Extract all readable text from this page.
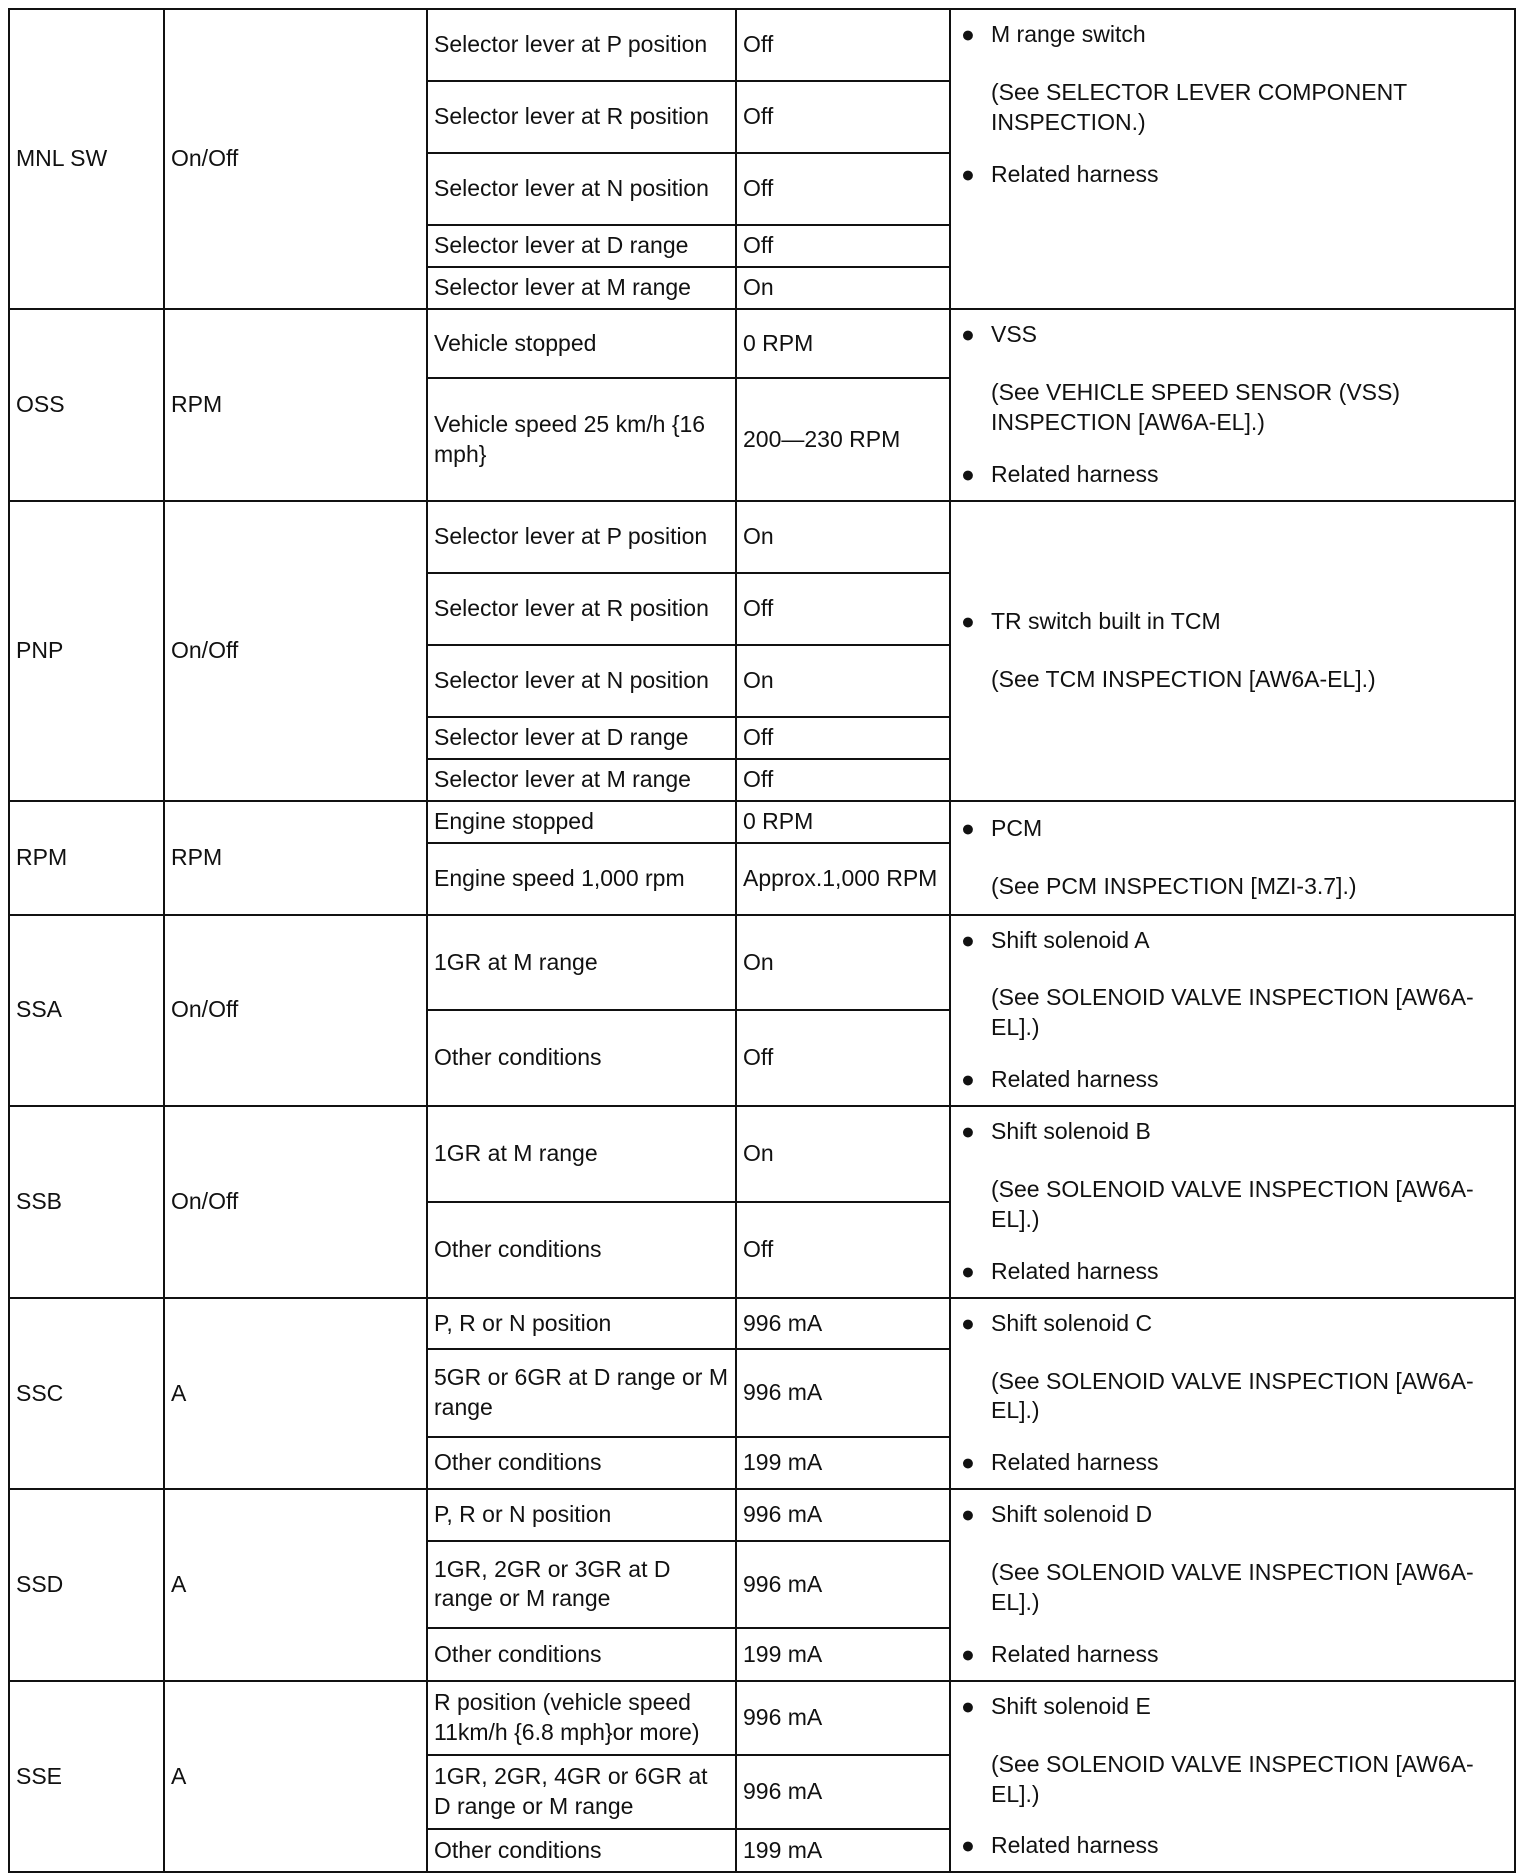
MNL SW	On/Off	Selector lever at P position	Off	● M range switch
(See SELECTOR LEVER COMPONENT INSPECTION.)
● Related harness

		Selector lever at R position	Off	
		Selector lever at N position	Off	
		Selector lever at D range	Off	
		Selector lever at M range	On	
OSS	RPM	Vehicle stopped	0 RPM	● VSS
(See VEHICLE SPEED SENSOR (VSS) INSPECTION [AW6A-EL].)
● Related harness

		Vehicle speed 25 km/h {16 mph}	200—230 RPM	
PNP	On/Off	Selector lever at P position	On	● TR switch built in TCM
(See TCM INSPECTION [AW6A-EL].)

		Selector lever at R position	Off	
		Selector lever at N position	On	
		Selector lever at D range	Off	
		Selector lever at M range	Off	
RPM	RPM	Engine stopped	0 RPM	● PCM
(See PCM INSPECTION [MZI-3.7].)

		Engine speed 1,000 rpm	Approx.1,000 RPM	
SSA	On/Off	1GR at M range	On	● Shift solenoid A
(See SOLENOID VALVE INSPECTION [AW6A-EL].)
● Related harness

		Other conditions	Off	
SSB	On/Off	1GR at M range	On	● Shift solenoid B
(See SOLENOID VALVE INSPECTION [AW6A-EL].)
● Related harness

		Other conditions	Off	
SSC	A	P, R or N position	996 mA	● Shift solenoid C
(See SOLENOID VALVE INSPECTION [AW6A-EL].)
● Related harness

		5GR or 6GR at D range or M range	996 mA	
		Other conditions	199 mA	
SSD	A	P, R or N position	996 mA	● Shift solenoid D
(See SOLENOID VALVE INSPECTION [AW6A-EL].)
● Related harness

		1GR, 2GR or 3GR at D range or M range	996 mA	
		Other conditions	199 mA	
SSE	A	R position (vehicle speed 11km/h {6.8 mph}or more)	996 mA	● Shift solenoid E
(See SOLENOID VALVE INSPECTION [AW6A-EL].)
● Related harness

		1GR, 2GR, 4GR or 6GR at D range or M range	996 mA	
		Other conditions	199 mA	
